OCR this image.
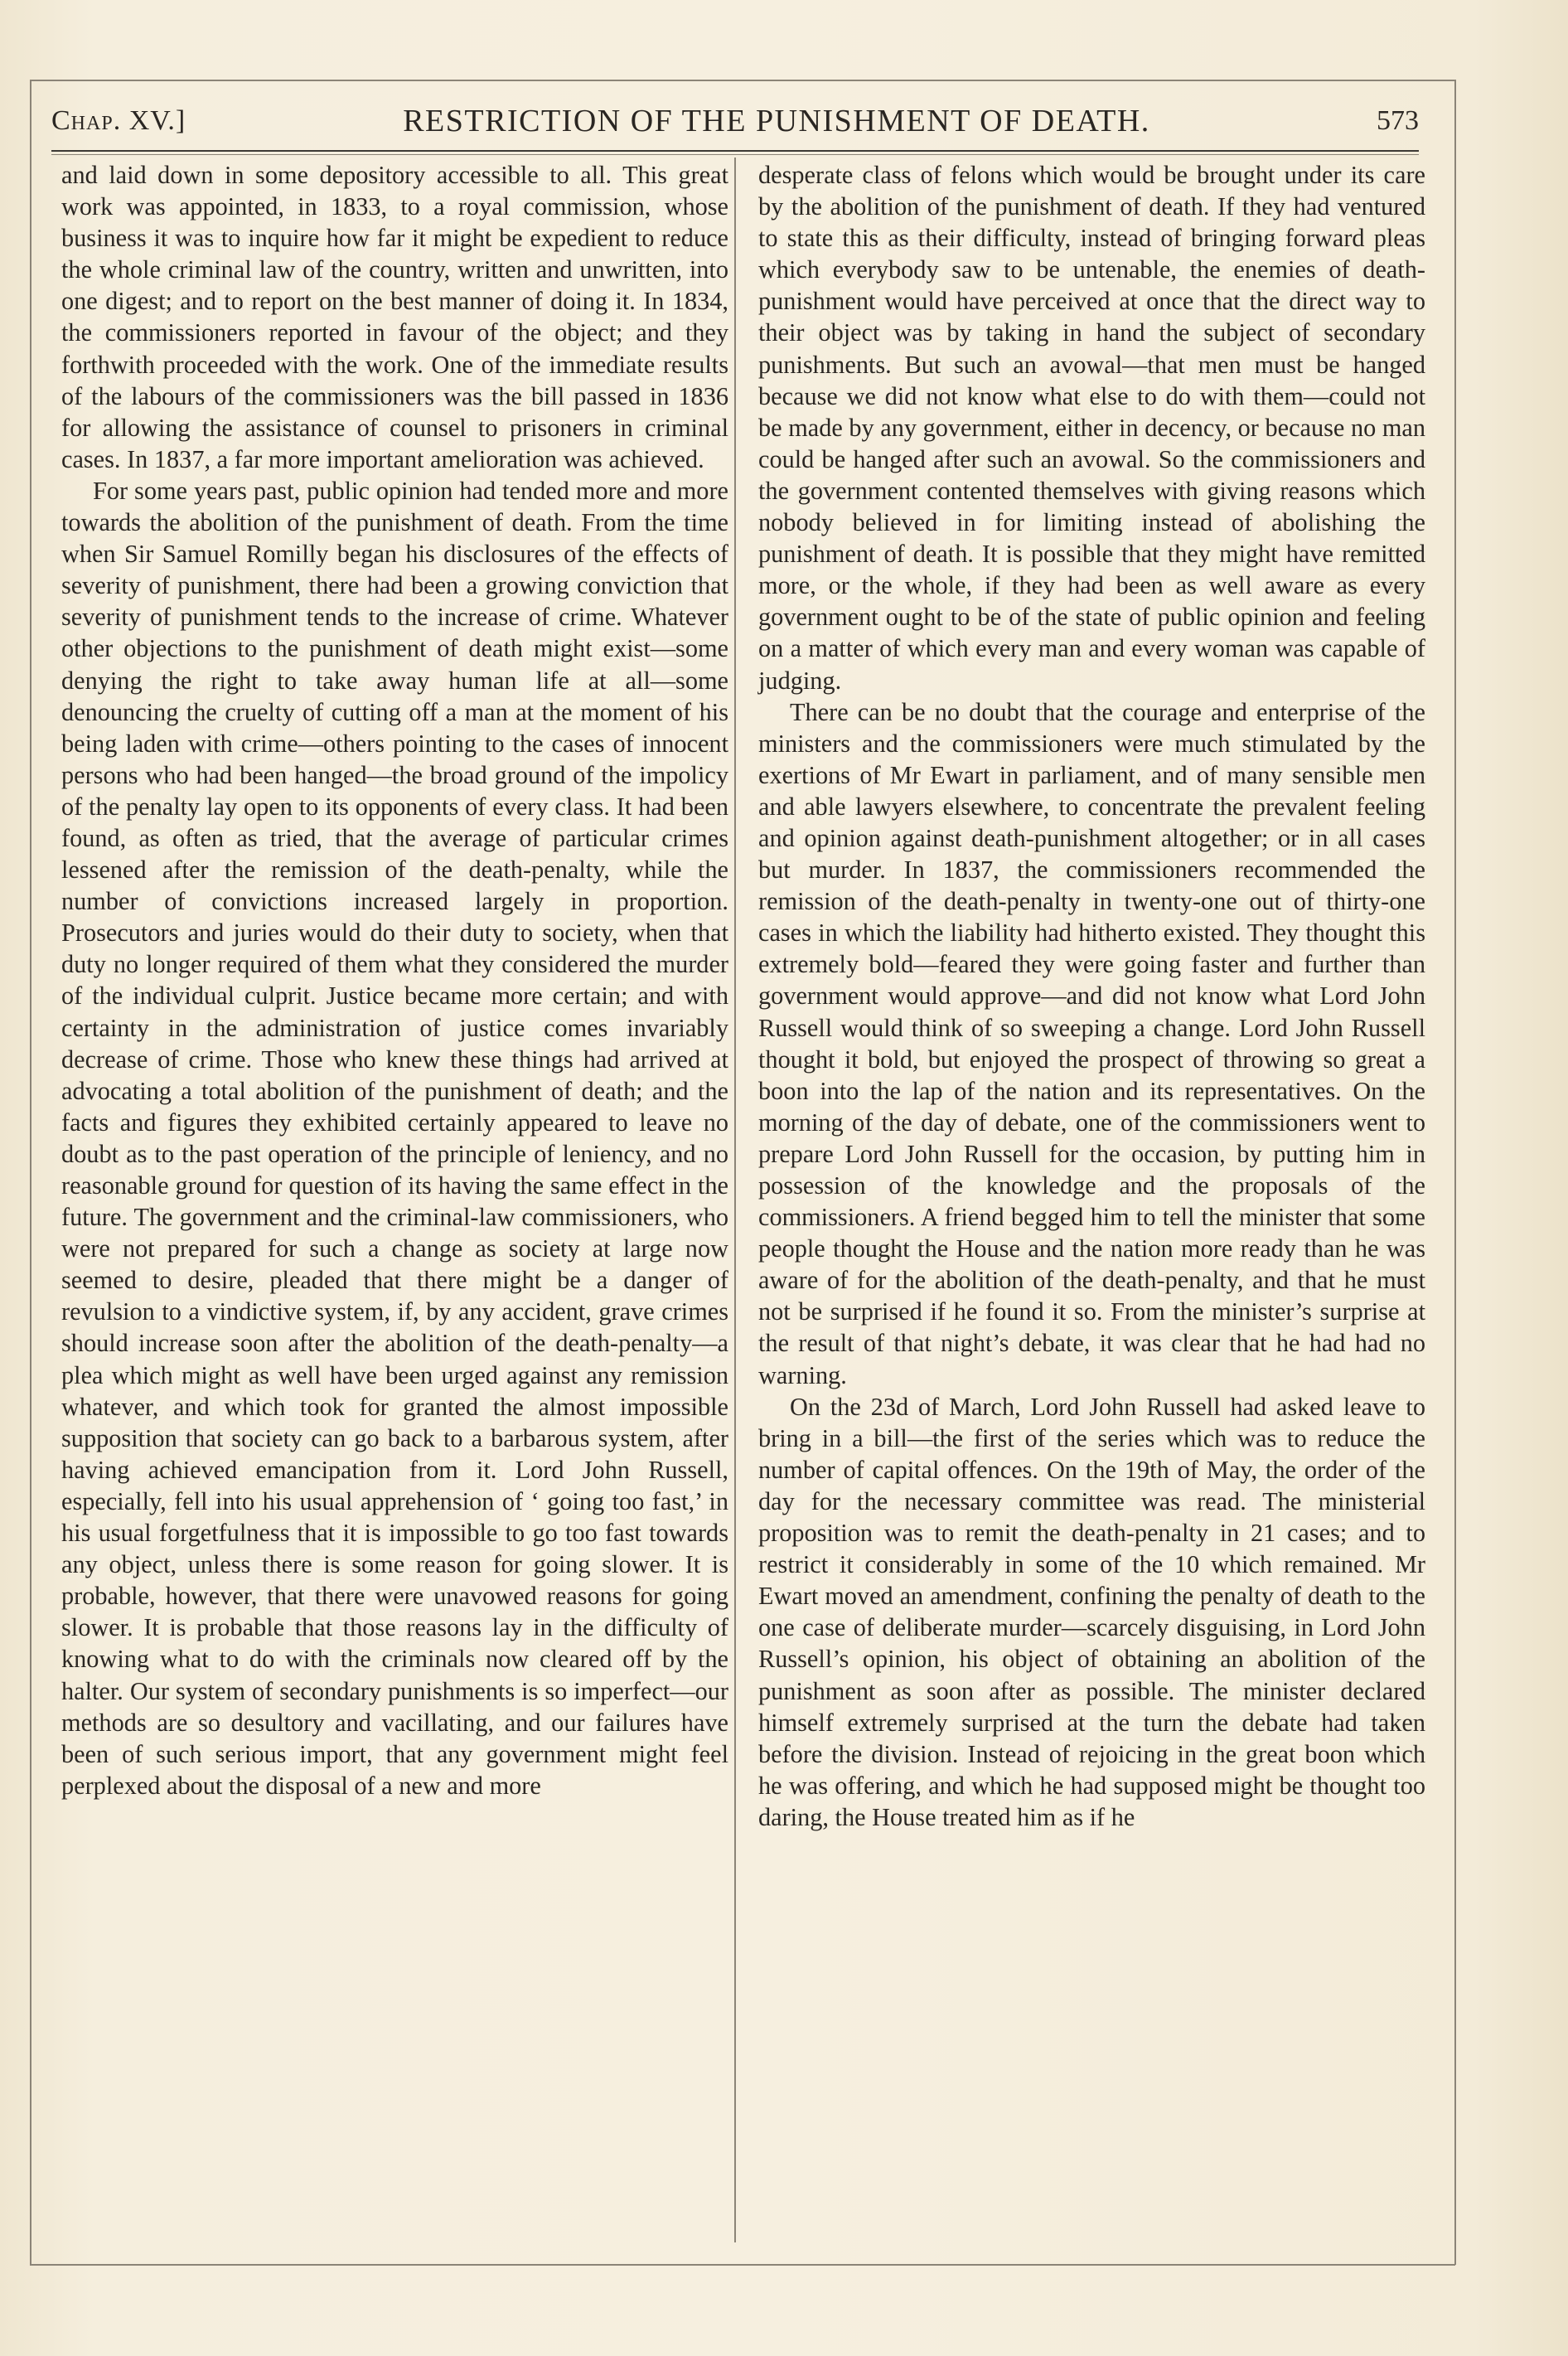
Chap. XV.]	RESTRICTION OF THE PUNISHMENT OF DEATH.	573

and laid down in some depository accessible to all. This great work was appointed, in 1833, to a royal commission, whose business it was to inquire how far it might be expedient to reduce the whole criminal law of the country, written and unwritten, into one digest; and to report on the best manner of doing it. In 1834, the commissioners reported in favour of the object; and they forthwith proceeded with the work. One of the immediate results of the labours of the commissioners was the bill passed in 1836 for allowing the assistance of counsel to prisoners in criminal cases. In 1837, a far more important amelioration was achieved.

For some years past, public opinion had tended more and more towards the abolition of the punishment of death. From the time when Sir Samuel Romilly began his disclosures of the effects of severity of punishment, there had been a growing conviction that severity of punishment tends to the increase of crime. Whatever other objections to the punishment of death might exist—some denying the right to take away human life at all—some denouncing the cruelty of cutting off a man at the moment of his being laden with crime—others pointing to the cases of innocent persons who had been hanged—the broad ground of the impolicy of the penalty lay open to its opponents of every class. It had been found, as often as tried, that the average of particular crimes lessened after the remission of the death-penalty, while the number of convictions increased largely in proportion. Prosecutors and juries would do their duty to society, when that duty no longer required of them what they considered the murder of the individual culprit. Justice became more certain; and with certainty in the administration of justice comes invariably decrease of crime. Those who knew these things had arrived at advocating a total abolition of the punishment of death; and the facts and figures they exhibited certainly appeared to leave no doubt as to the past operation of the principle of leniency, and no reasonable ground for question of its having the same effect in the future. The government and the criminal-law commissioners, who were not prepared for such a change as society at large now seemed to desire, pleaded that there might be a danger of revulsion to a vindictive system, if, by any accident, grave crimes should increase soon after the abolition of the death-penalty—a plea which might as well have been urged against any remission whatever, and which took for granted the almost impossible supposition that society can go back to a barbarous system, after having achieved emancipation from it. Lord John Russell, especially, fell into his usual apprehension of ‘ going too fast,’ in his usual forgetfulness that it is impossible to go too fast towards any object, unless there is some reason for going slower. It is probable, however, that there were unavowed reasons for going slower. It is probable that those reasons lay in the difficulty of knowing what to do with the criminals now cleared off by the halter. Our system of secondary punishments is so imperfect—our methods are so desultory and vacillating, and our failures have been of such serious import, that any government might feel perplexed about the disposal of a new and more

desperate class of felons which would be brought under its care by the abolition of the punishment of death. If they had ventured to state this as their difficulty, instead of bringing forward pleas which everybody saw to be untenable, the enemies of death-punishment would have perceived at once that the direct way to their object was by taking in hand the subject of secondary punishments. But such an avowal—that men must be hanged because we did not know what else to do with them—could not be made by any government, either in decency, or because no man could be hanged after such an avowal. So the commissioners and the government contented themselves with giving reasons which nobody believed in for limiting instead of abolishing the punishment of death. It is possible that they might have remitted more, or the whole, if they had been as well aware as every government ought to be of the state of public opinion and feeling on a matter of which every man and every woman was capable of judging.

There can be no doubt that the courage and enterprise of the ministers and the commissioners were much stimulated by the exertions of Mr Ewart in parliament, and of many sensible men and able lawyers elsewhere, to concentrate the prevalent feeling and opinion against death-punishment altogether; or in all cases but murder. In 1837, the commissioners recommended the remission of the death-penalty in twenty-one out of thirty-one cases in which the liability had hitherto existed. They thought this extremely bold—feared they were going faster and further than government would approve—and did not know what Lord John Russell would think of so sweeping a change. Lord John Russell thought it bold, but enjoyed the prospect of throwing so great a boon into the lap of the nation and its representatives. On the morning of the day of debate, one of the commissioners went to prepare Lord John Russell for the occasion, by putting him in possession of the knowledge and the proposals of the commissioners. A friend begged him to tell the minister that some people thought the House and the nation more ready than he was aware of for the abolition of the death-penalty, and that he must not be surprised if he found it so. From the minister’s surprise at the result of that night’s debate, it was clear that he had had no warning.

On the 23d of March, Lord John Russell had asked leave to bring in a bill—the first of the series which was to reduce the number of capital offences. On the 19th of May, the order of the day for the necessary committee was read. The ministerial proposition was to remit the death-penalty in 21 cases; and to restrict it considerably in some of the 10 which remained. Mr Ewart moved an amendment, confining the penalty of death to the one case of deliberate murder—scarcely disguising, in Lord John Russell’s opinion, his object of obtaining an abolition of the punishment as soon after as possible. The minister declared himself extremely surprised at the turn the debate had taken before the division. Instead of rejoicing in the great boon which he was offering, and which he had supposed might be thought too daring, the House treated him as if he
